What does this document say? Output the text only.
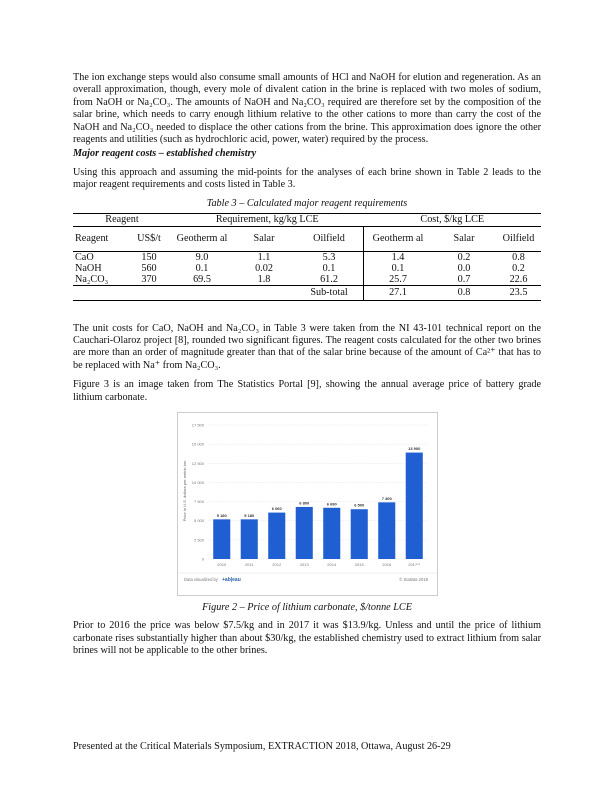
The ion exchange steps would also consume small amounts of HCl and NaOH for elution and regeneration. As an overall approximation, though, every mole of divalent cation in the brine is replaced with two moles of sodium, from NaOH or Na₂CO₃. The amounts of NaOH and Na₂CO₃ required are therefore set by the composition of the salar brine, which needs to carry enough lithium relative to the other cations to more than carry the cost of the NaOH and Na₂CO₃ needed to displace the other cations from the brine. This approximation does ignore the other reagents and utilities (such as hydrochloric acid, power, water) required by the process.

Major reagent costs – established chemistry

Using this approach and assuming the mid-points for the analyses of each brine shown in Table 2 leads to the major reagent requirements and costs listed in Table 3.

Table 3 – Calculated major reagent requirements
Reagent		Requirement, kg/kg LCE			Cost, $/kg LCE		
Reagent	US$/t	Geotherm al	Salar	Oilfield	Geotherm al	Salar	Oilfield
CaO	150	9.0	1.1	5.3	1.4	0.2	0.8
NaOH	560	0.1	0.02	0.1	0.1	0.0	0.2
Na₂CO₃	370	69.5	1.8	61.2	25.7	0.7	22.6
				Sub-total	27.1	0.8	23.5

The unit costs for CaO, NaOH and Na₂CO₃ in Table 3 were taken from the NI 43-101 technical report on the Cauchari-Olaroz project [8], rounded two significant figures. The reagent costs calculated for the other two brines are more than an order of magnitude greater than that of the salar brine because of the amount of Ca²⁺ that has to be replaced with Na⁺ from Na₂CO₃.

Figure 3 is an image taken from The Statistics Portal [9], showing the annual average price of battery grade lithium carbonate.

Price in U.S. dollars per metric ton
0
2 500
5 000
7 500
10 000
12 500
15 000
17 500
5 180	5 180
6 060
6 800	6 690	6 500
7 400
13 900
2010	2011	2012	2013	2014	2015	2016	2017**
Data visualized by +ab|eau	© Statista 2018
Figure 2 – Price of lithium carbonate, $/tonne LCE

Prior to 2016 the price was below $7.5/kg and in 2017 it was $13.9/kg. Unless and until the price of lithium carbonate rises substantially higher than about $30/kg, the established chemistry used to extract lithium from salar brines will not be applicable to the other brines.

Presented at the Critical Materials Symposium, EXTRACTION 2018, Ottawa, August 26-29
